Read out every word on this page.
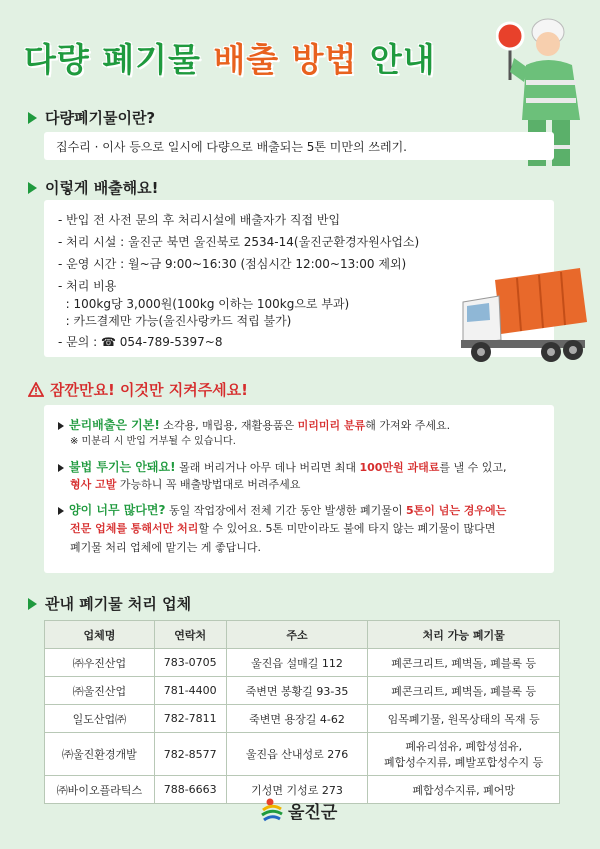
다량 폐기물 배출 방법 안내
다량폐기물이란?
집수리 · 이사 등으로 일시에 다량으로 배출되는 5톤 미만의 쓰레기.
이렇게 배출해요!
- 반입 전 사전 문의 후 처리시설에 배출자가 직접 반입
- 처리 시설 : 울진군 북면 울진북로 2534-14(울진군환경자원사업소)
- 운영 시간 : 월~금 9:00~16:30 (점심시간 12:00~13:00 제외)
- 처리 비용
: 100kg당 3,000원(100kg 이하는 100kg으로 부과)
: 카드결제만 가능(울진사랑카드 적립 불가)
- 문의 : ☎ 054-789-5397~8
잠깐만요! 이것만 지켜주세요!
분리배출은 기본! 소각용, 매립용, 재활용품은 미리미리 분류해 가져와 주세요.
※ 미분리 시 반입 거부될 수 있습니다.
불법 투기는 안돼요! 몰래 버리거나 아무 데나 버리면 최대 100만원 과태료를 낼 수 있고,
형사 고발 가능하니 꼭 배출방법대로 버려주세요
양이 너무 많다면? 동일 작업장에서 전체 기간 동안 발생한 폐기물이 5톤이 넘는 경우에는
전문 업체를 통해서만 처리할 수 있어요. 5톤 미만이라도 불에 타지 않는 폐기물이 많다면
폐기물 처리 업체에 맡기는 게 좋답니다.
관내 폐기물 처리 업체
업체명	연락처	주소	처리 가능 폐기물
㈜우진산업	783-0705	울진읍 설매길 112	폐콘크리트, 폐벽돌, 폐블록 등
㈜울진산업	781-4400	죽변면 봉황길 93-35	폐콘크리트, 폐벽돌, 폐블록 등
일도산업㈜	782-7811	죽변면 용장길 4-62	임목폐기물, 원목상태의 목재 등
㈜울진환경개발	782-8577	울진읍 산내성로 276	폐유리섬유, 폐합성섬유,
폐합성수지류, 폐발포합성수지 등

㈜바이오플라틱스	788-6663	기성면 기성로 273	폐합성수지류, 폐어망
울진군
